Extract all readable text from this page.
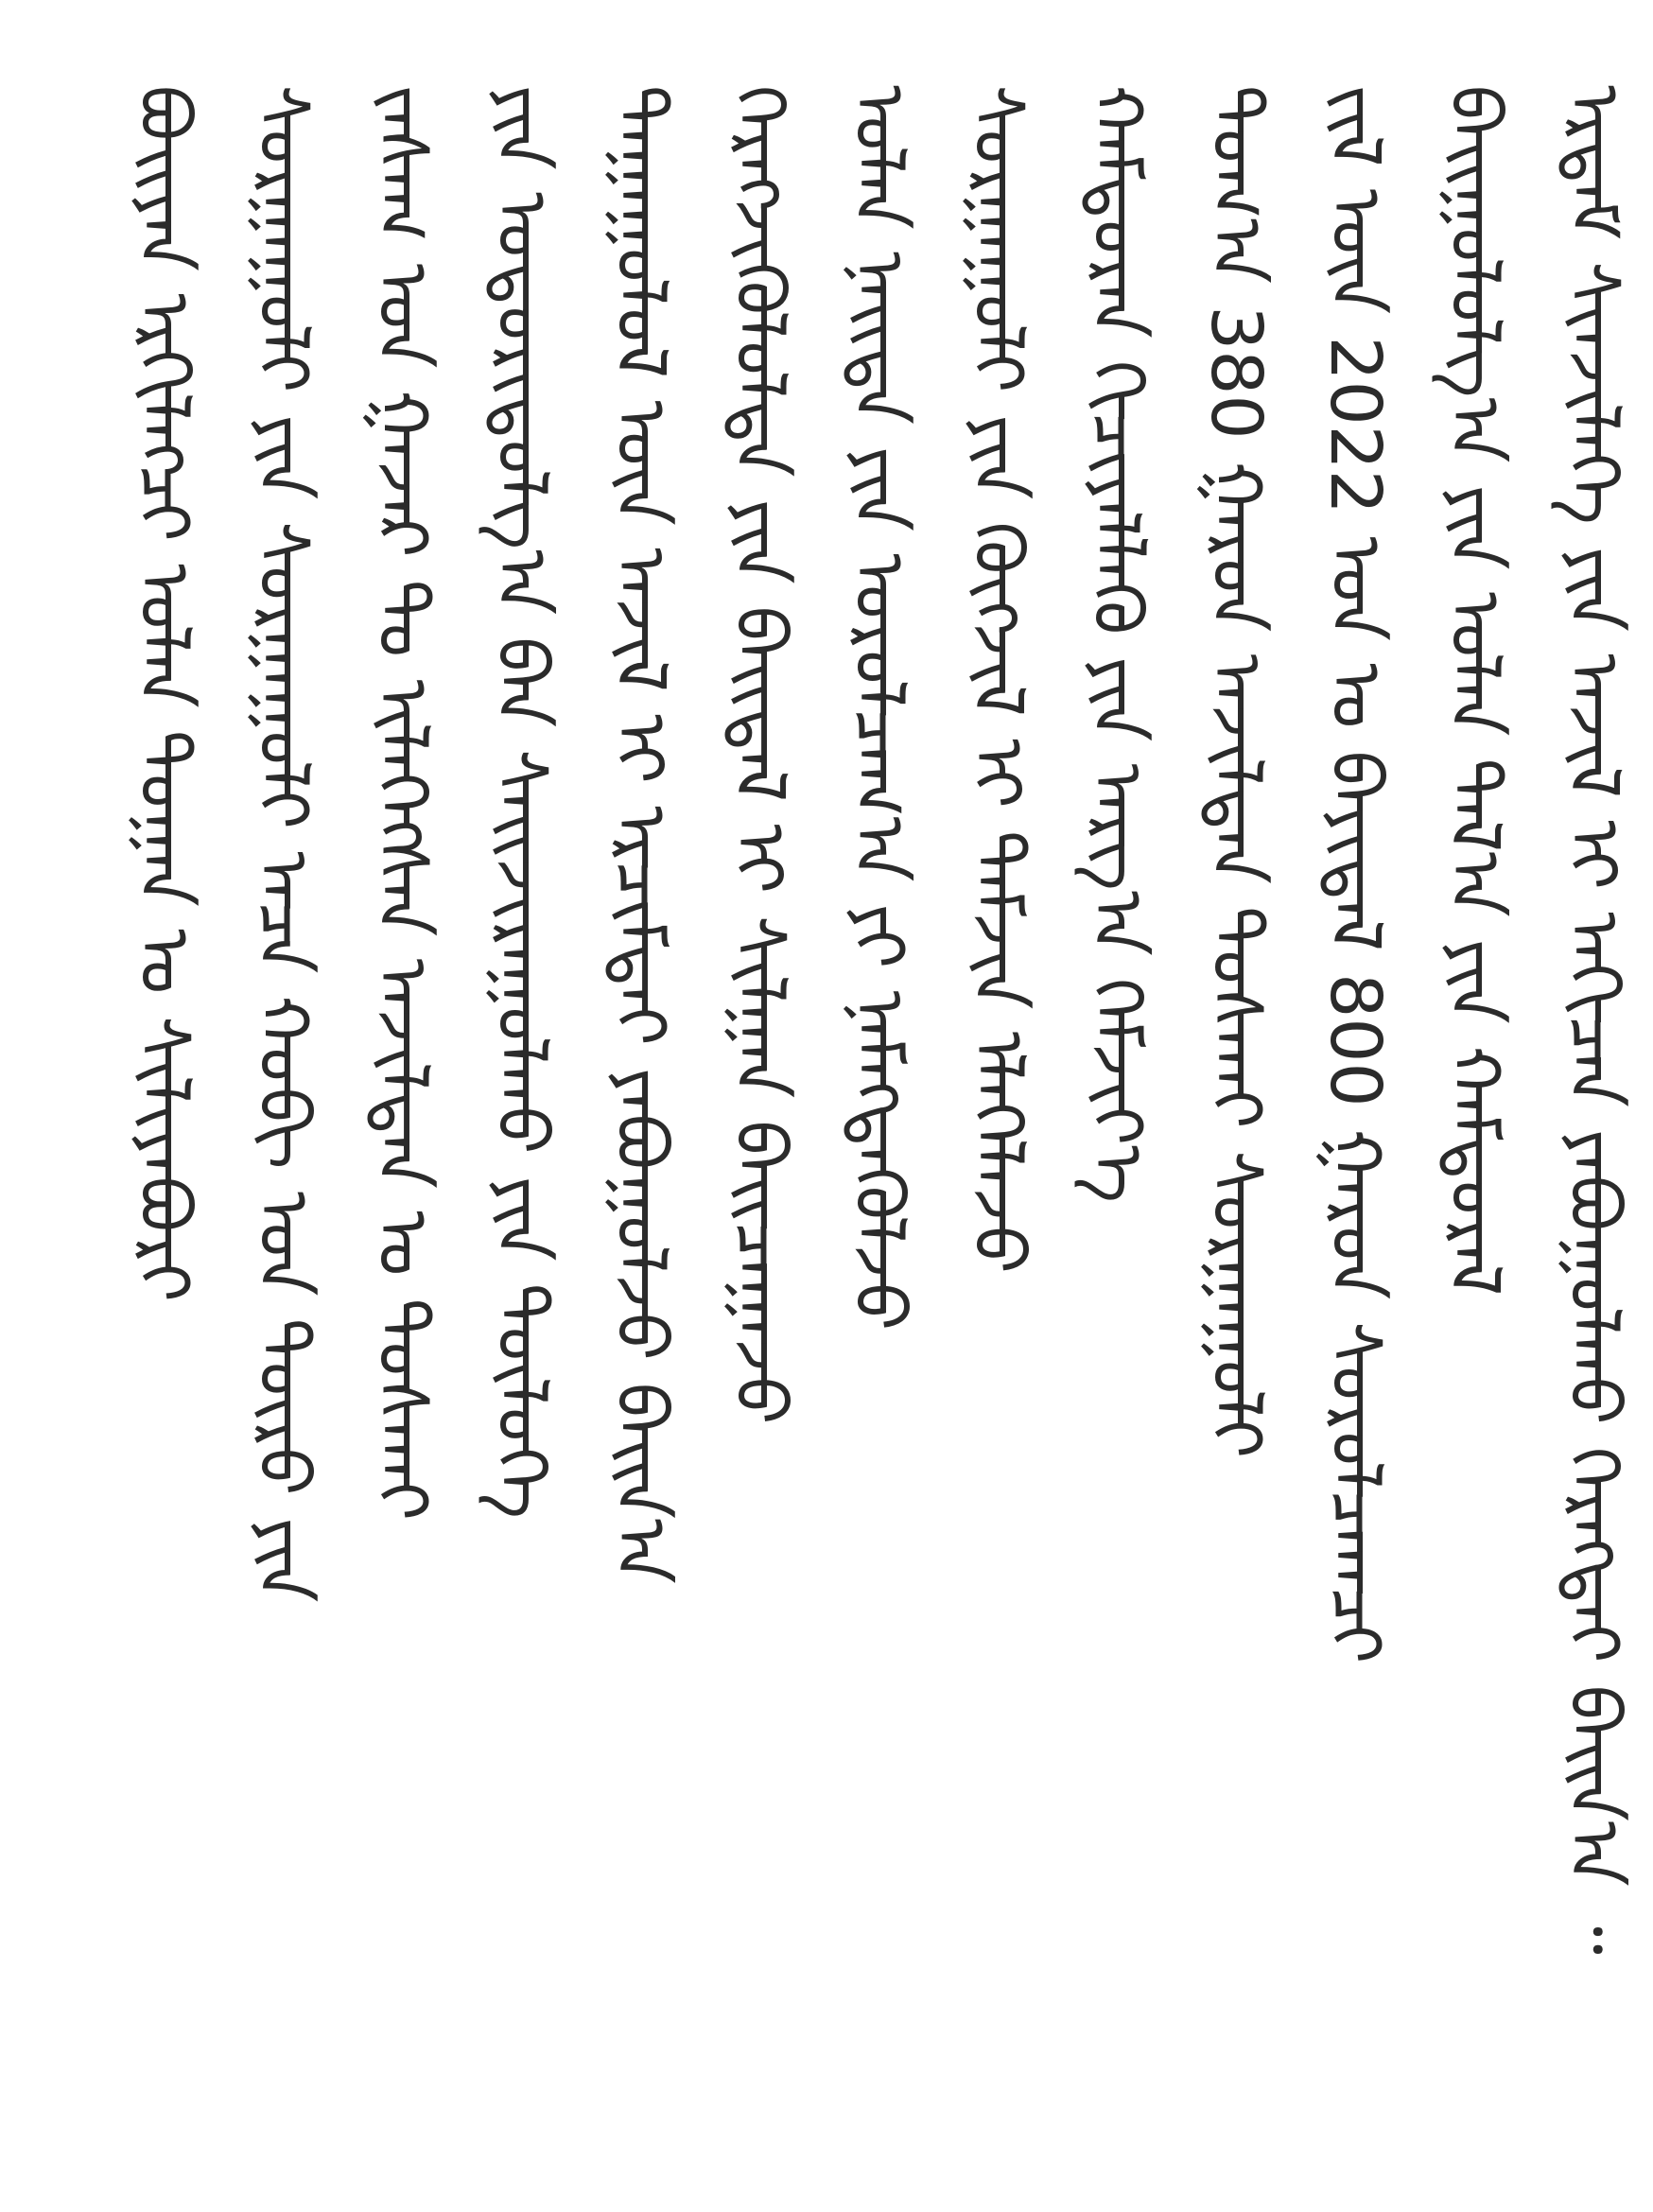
ᠪᠤᠢᠶᠠᠨ ᠡᠷᠬᠢᠯᠡᠭᠴᠢ ᠣᠯᠠᠨ ᠲᠣᠭᠠᠨ ᠣ ᠰᠢᠯᠢᠶᠡᠪᠦᠷᠢ ᠰᠤᠷᠭᠠᠭᠤᠯᠢ ᠶᠢᠨ ᠰᠤᠷᠭᠠᠭᠤᠯᠢ ᠠᠴᠠ ᠬᠤᠪᠢ ᠤᠨ ᠲᠦᠷᠦ ᠶᠢᠨ ᠵᠠᠰᠠᠭ ᠤᠨ ᠭᠠᠵᠠᠷ ᠲᠤ ᠢᠯᠡᠭᠡᠭᠰᠡᠨ ᠠᠵᠢᠯᠲᠠᠨ ᠤ ᠲᠤᠰᠬᠠᠢ ᠶᠢᠨ ᠤᠳᠤᠷᠢᠳᠤᠯᠭ᠎ᠠ ᠪᠠᠨ ᠰᠠᠢᠵᠢᠷᠠᠭᠤᠯᠬᠤ ᠶᠢᠨ ᠲᠥᠯᠥᠭᠡ ᠳᠠᠭᠠᠭᠤᠯᠤᠯ ᠦᠨ ᠠᠵᠢᠯ ᠢ ᠡᠷᠴᠢᠮᠲᠡᠢ ᠶᠠᠪᠤᠭᠤᠯᠵᠤ ᠪᠠᠢᠨ᠎ᠠ ᠬᠡᠷᠡᠭᠵᠢᠭᠦᠯᠦᠯᠲᠡ ᠶᠢᠨ ᠪᠠᠢᠳᠠᠯ ᠢ ᠰᠢᠯᠭᠠᠨ ᠪᠠᠢᠴᠠᠭᠠᠵᠤ ᠣᠯᠠᠨ ᠨᠡᠢᠲᠡ ᠶᠢᠨ ᠣᠷᠣᠯᠴᠠᠭ᠎ᠠ ᠶᠢ ᠨᠡᠮᠡᠭᠳᠡᠭᠦᠯᠵᠦ ᠰᠤᠷᠭᠠᠭᠤᠯᠢ ᠶᠢᠨ ᠬᠥᠭᠵᠢᠯ ᠢ ᠳᠡᠮᠵᠢᠨ ᠡᠯᠡᠭᠡᠯᠡᠵᠦ ᠬᠠᠮᠲᠤᠷᠠᠨ ᠬᠢᠴᠢᠶᠡᠯᠯᠡᠬᠦ ᠶᠢᠨ ᠠᠷᠭ᠎ᠠ ᠬᠡᠮᠵᠢᠶ᠎ᠡ ᠲᠣᠭ᠎ᠠ 380 ᠭᠠᠷᠤᠨ ᠠᠵᠢᠯᠲᠠᠨ ᠲᠤᠰᠬᠠᠢ ᠰᠤᠷᠭᠠᠭᠤᠯᠢ ᠵᠢᠯ ᠦᠨ 2022 ᠣᠨ ᠤ ᠪᠠᠶᠢᠳᠠᠯ 800 ᠭᠠᠷᠤᠨ ᠰᠤᠷᠤᠯᠴᠠᠭᠴᠢ ᠪᠠᠢᠭᠤᠯᠤᠯᠭ᠎ᠠ ᠶᠢᠨ ᠣᠯᠠᠨ ᠲᠠᠯ᠎ᠠ ᠶᠢᠨ ᠬᠠᠮᠲᠤᠷᠠᠯ ᠡᠷᠳᠡᠮ ᠰᠢᠨᠵᠢᠯᠡᠭᠡ ᠶᠢᠨ ᠠᠵᠢᠯ ᠢ ᠠᠬᠢᠴᠠᠨ ᠶᠠᠪᠤᠭᠤᠯᠬᠤ ᠬᠡᠷᠡᠭᠲᠡᠢ ᠪᠠᠢᠨ᠎ᠠ ᠃
